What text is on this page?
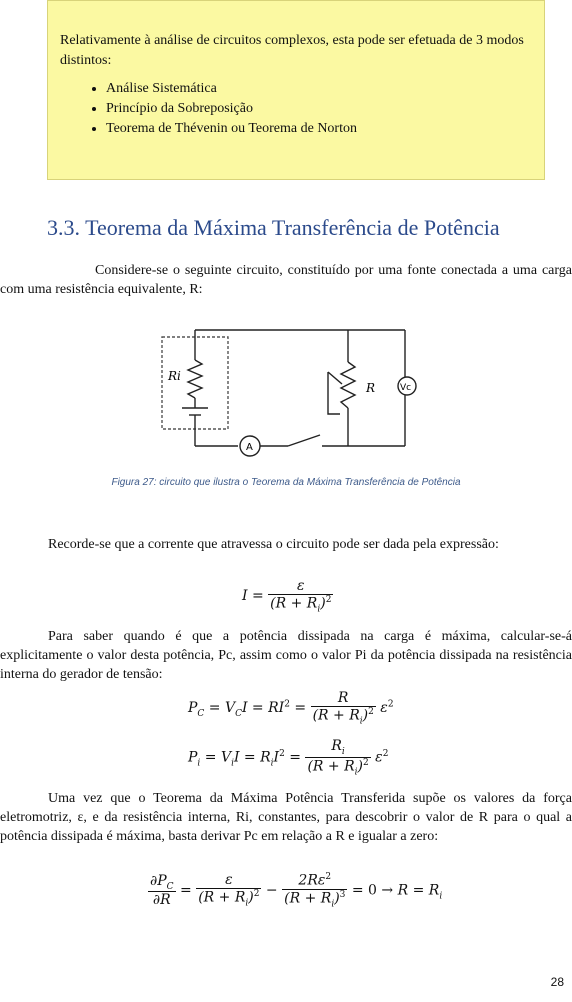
Relativamente à análise de circuitos complexos, esta pode ser efetuada de 3 modos distintos:
• Análise Sistemática
• Princípio da Sobreposição
• Teorema de Thévenin ou Teorema de Norton
3.3. Teorema da Máxima Transferência de Potência
Considere-se o seguinte circuito, constituído por uma fonte conectada a uma carga com uma resistência equivalente, R:
Ri
R
A
Vc
Figura 27: circuito que ilustra o Teorema da Máxima Transferência de Potência
Recorde-se que a corrente que atravessa o circuito pode ser dada pela expressão:
$I = \frac{\varepsilon}{(R + R_i)^2}$
Para saber quando é que a potência dissipada na carga é máxima, calcular-se-á explicitamente o valor desta potência, Pc, assim como o valor Pi da potência dissipada na resistência interna do gerador de tensão:
$P_C = V_CI = RI^2 = \frac{R}{(R + R_i)^2} \varepsilon^2$
$P_i = V_iI = R_iI^2 = \frac{R_i}{(R + R_i)^2} \varepsilon^2$
Uma vez que o Teorema da Máxima Potência Transferida supõe os valores da força eletromotriz, ε, e da resistência interna, Ri, constantes, para descobrir o valor de R para o qual a potência dissipada é máxima, basta derivar Pc em relação a R e igualar a zero:
$\frac{\partial P_C}{\partial R} = \frac{\varepsilon}{(R + R_i)^2} - \frac{2R\varepsilon^2}{(R + R_i)^3} = 0 \to R = R_i$
28
